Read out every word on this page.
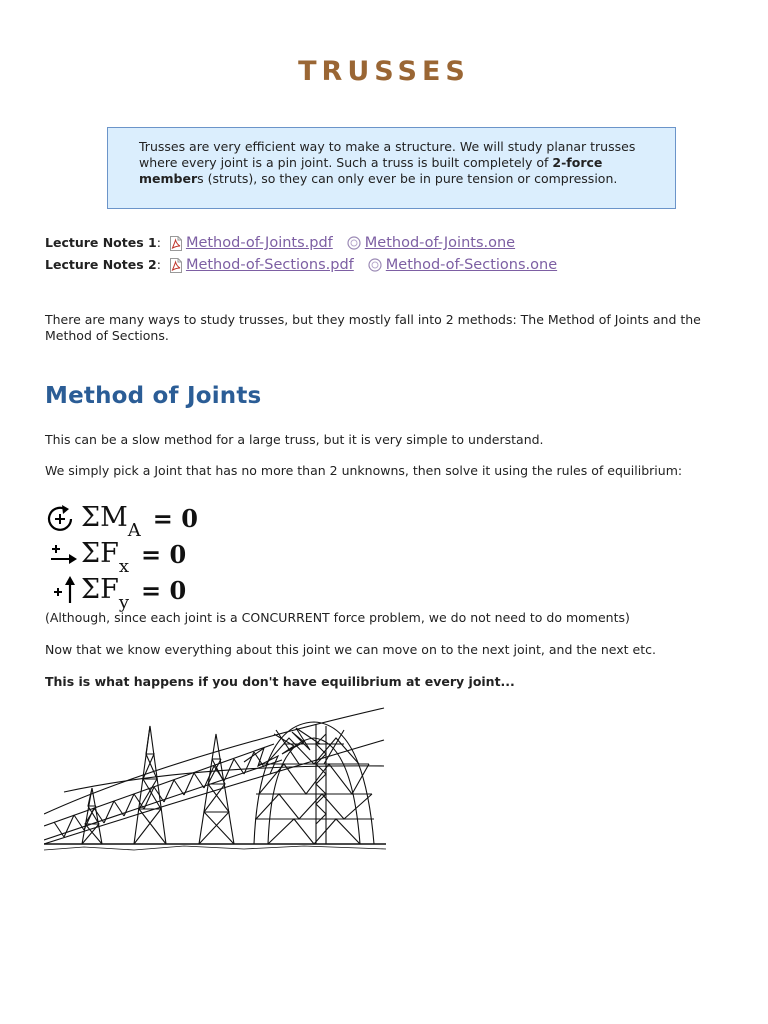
TRUSSES
Trusses are very efficient way to make a structure. We will study planar trusses where every joint is a pin joint. Such a truss is built completely of 2-force members (struts), so they can only ever be in pure tension or compression.
Lecture Notes 1 : Method-of-Joints.pdf Method-of-Joints.one
Lecture Notes 2 : Method-of-Sections.pdf Method-of-Sections.one
There are many ways to study trusses, but they mostly fall into 2 methods: The Method of Joints and the Method of Sections.
Method of Joints
This can be a slow method for a large truss, but it is very simple to understand.
We simply pick a Joint that has no more than 2 unknowns, then solve it using the rules of equilibrium:
Σ M A = 0
Σ F x = 0
Σ F y = 0
(Although, since each joint is a CONCURRENT force problem, we do not need to do moments)
Now that we know everything about this joint we can move on to the next joint, and the next etc.
This is what happens if you don't have equilibrium at every joint...
